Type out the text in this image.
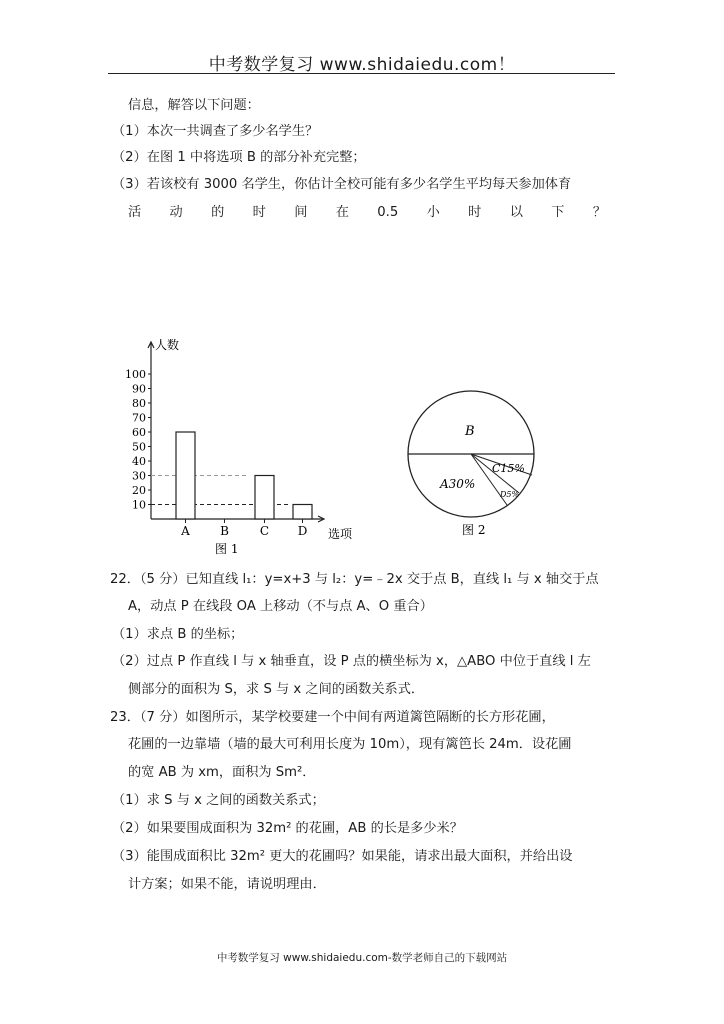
中考数学复习 www.shidaiedu.com！
信息，解答以下问题：
（1）本次一共调查了多少名学生？
（2）在图 1 中将选项 B 的部分补充完整；
（3）若该校有 3000 名学生，你估计全校可能有多少名学生平均每天参加体育
活 动 的 时 间 在 0.5 小 时 以 下 ？
100
90
80
70
60
50
40
30
20
10
A	B	C D
人数
选项
图 1
B
C15%
A30%
D5%
图 2
22．（5 分）已知直线 l₁：y=x+3 与 l₂：y=﹣2x 交于点 B，直线 l₁ 与 x 轴交于点
A，动点 P 在线段 OA 上移动（不与点 A、O 重合）
（1）求点 B 的坐标；
（2）过点 P 作直线 l 与 x 轴垂直，设 P 点的横坐标为 x，△ABO 中位于直线 l 左
侧部分的面积为 S，求 S 与 x 之间的函数关系式．
23．（7 分）如图所示，某学校要建一个中间有两道篱笆隔断的长方形花圃，
花圃的一边靠墙（墙的最大可利用长度为 10m），现有篱笆长 24m．设花圃
的宽 AB 为 xm，面积为 Sm²．
（1）求 S 与 x 之间的函数关系式；
（2）如果要围成面积为 32m² 的花圃，AB 的长是多少米？
（3）能围成面积比 32m² 更大的花圃吗？如果能，请求出最大面积，并给出设
计方案；如果不能，请说明理由．
中考数学复习 www.shidaiedu.com-数学老师自己的下载网站
